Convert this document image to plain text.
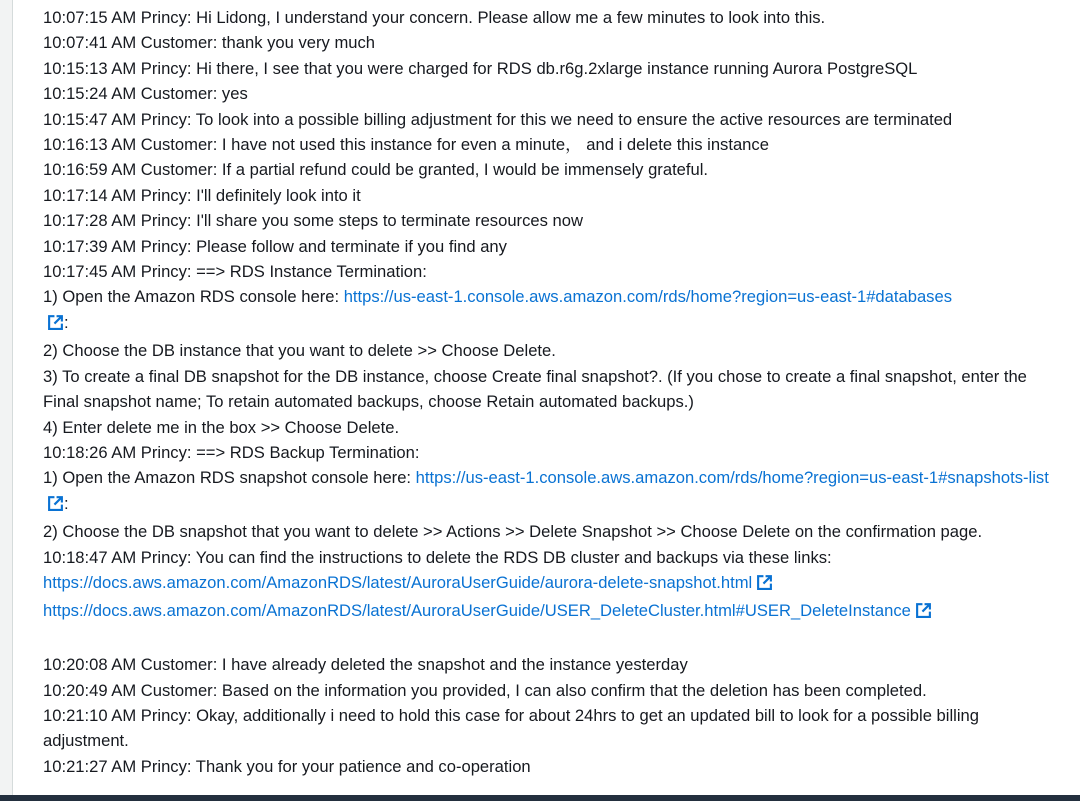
10:07:15 AM Princy: Hi Lidong, I understand your concern. Please allow me a few minutes to look into this.
10:07:41 AM Customer: thank you very much
10:15:13 AM Princy: Hi there, I see that you were charged for RDS db.r6g.2xlarge instance running Aurora PostgreSQL
10:15:24 AM Customer: yes
10:15:47 AM Princy: To look into a possible billing adjustment for this we need to ensure the active resources are terminated
10:16:13 AM Customer: I have not used this instance for even a minute， and i delete this instance
10:16:59 AM Customer: If a partial refund could be granted, I would be immensely grateful.
10:17:14 AM Princy: I'll definitely look into it
10:17:28 AM Princy: I'll share you some steps to terminate resources now
10:17:39 AM Princy: Please follow and terminate if you find any
10:17:45 AM Princy: ==> RDS Instance Termination:
1) Open the Amazon RDS console here: https://us-east-1.console.aws.amazon.com/rds/home?region=us-east-1#databases
:
2) Choose the DB instance that you want to delete >> Choose Delete.
3) To create a final DB snapshot for the DB instance, choose Create final snapshot?. (If you chose to create a final snapshot, enter the Final snapshot name; To retain automated backups, choose Retain automated backups.)
4) Enter delete me in the box >> Choose Delete.
10:18:26 AM Princy: ==> RDS Backup Termination:
1) Open the Amazon RDS snapshot console here: https://us-east-1.console.aws.amazon.com/rds/home?region=us-east-1#snapshots-list:
2) Choose the DB snapshot that you want to delete >> Actions >> Delete Snapshot >> Choose Delete on the confirmation page.
10:18:47 AM Princy: You can find the instructions to delete the RDS DB cluster and backups via these links:
https://docs.aws.amazon.com/AmazonRDS/latest/AuroraUserGuide/aurora-delete-snapshot.html
https://docs.aws.amazon.com/AmazonRDS/latest/AuroraUserGuide/USER_DeleteCluster.html#USER_DeleteInstance
10:20:08 AM Customer: I have already deleted the snapshot and the instance yesterday
10:20:49 AM Customer: Based on the information you provided, I can also confirm that the deletion has been completed.
10:21:10 AM Princy: Okay, additionally i need to hold this case for about 24hrs to get an updated bill to look for a possible billing adjustment.
10:21:27 AM Princy: Thank you for your patience and co-operation
